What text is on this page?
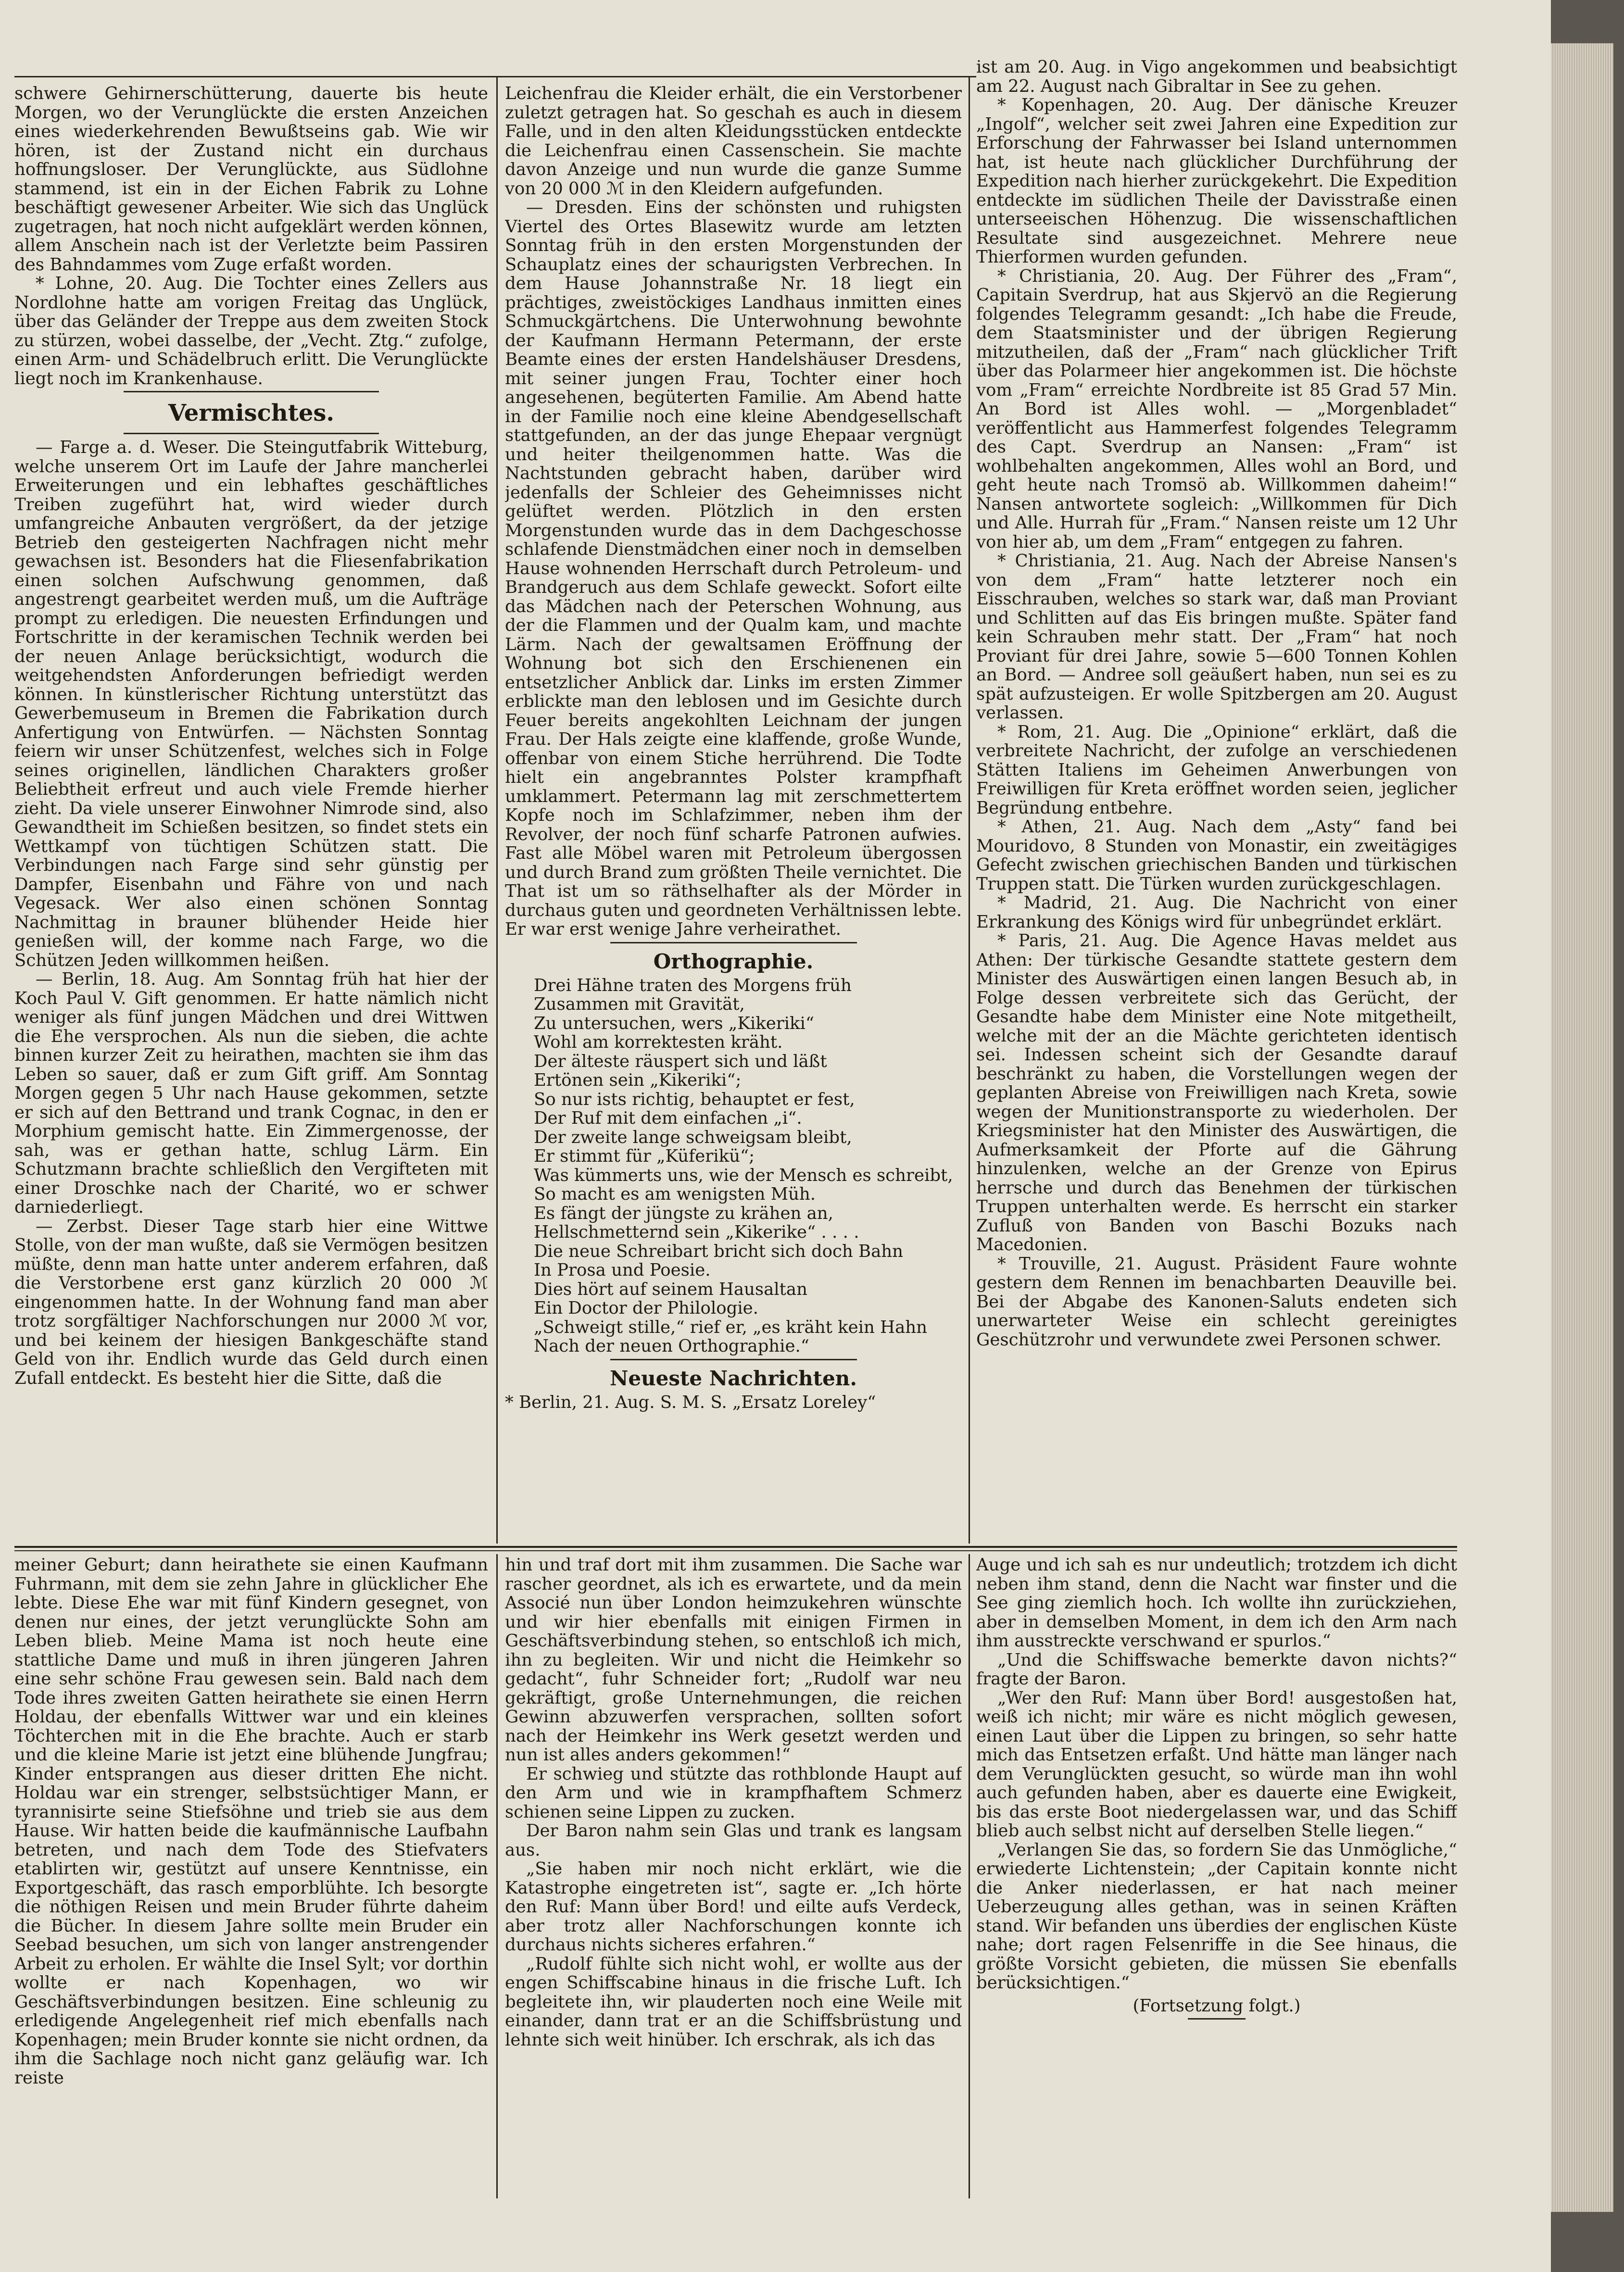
schwere Gehirnerschütterung, dauerte bis heute Morgen, wo der Verunglückte die ersten Anzeichen eines wiederkehrenden Bewußtseins gab. Wie wir hören, ist der Zustand nicht ein durchaus hoffnungsloser. Der Verunglückte, aus Südlohne stammend, ist ein in der Eichen Fabrik zu Lohne beschäftigt gewesener Arbeiter. Wie sich das Unglück zugetragen, hat noch nicht aufgeklärt werden können, allem Anschein nach ist der Verletzte beim Passiren des Bahndammes vom Zuge erfaßt worden.

* Lohne, 20. Aug. Die Tochter eines Zellers aus Nordlohne hatte am vorigen Freitag das Unglück, über das Geländer der Treppe aus dem zweiten Stock zu stürzen, wobei dasselbe, der „Vecht. Ztg.“ zufolge, einen Arm- und Schädelbruch erlitt. Die Verunglückte liegt noch im Krankenhause.

Vermischtes.

— Farge a. d. Weser. Die Steingutfabrik Witteburg, welche unserem Ort im Laufe der Jahre mancherlei Erweiterungen und ein lebhaftes geschäftliches Treiben zugeführt hat, wird wieder durch umfangreiche Anbauten vergrößert, da der jetzige Betrieb den gesteigerten Nachfragen nicht mehr gewachsen ist. Besonders hat die Fliesenfabrikation einen solchen Aufschwung genommen, daß angestrengt gearbeitet werden muß, um die Aufträge prompt zu erledigen. Die neuesten Erfindungen und Fortschritte in der keramischen Technik werden bei der neuen Anlage berücksichtigt, wodurch die weitgehendsten Anforderungen befriedigt werden können. In künstlerischer Richtung unterstützt das Gewerbemuseum in Bremen die Fabrikation durch Anfertigung von Entwürfen. — Nächsten Sonntag feiern wir unser Schützenfest, welches sich in Folge seines originellen, ländlichen Charakters großer Beliebtheit erfreut und auch viele Fremde hierher zieht. Da viele unserer Einwohner Nimrode sind, also Gewandtheit im Schießen besitzen, so findet stets ein Wettkampf von tüchtigen Schützen statt. Die Verbindungen nach Farge sind sehr günstig per Dampfer, Eisenbahn und Fähre von und nach Vegesack. Wer also einen schönen Sonntag Nachmittag in brauner blühender Heide hier genießen will, der komme nach Farge, wo die Schützen Jeden willkommen heißen.

— Berlin, 18. Aug. Am Sonntag früh hat hier der Koch Paul V. Gift genommen. Er hatte nämlich nicht weniger als fünf jungen Mädchen und drei Wittwen die Ehe versprochen. Als nun die sieben, die achte binnen kurzer Zeit zu heirathen, machten sie ihm das Leben so sauer, daß er zum Gift griff. Am Sonntag Morgen gegen 5 Uhr nach Hause gekommen, setzte er sich auf den Bettrand und trank Cognac, in den er Morphium gemischt hatte. Ein Zimmergenosse, der sah, was er gethan hatte, schlug Lärm. Ein Schutzmann brachte schließlich den Vergifteten mit einer Droschke nach der Charité, wo er schwer darniederliegt.

— Zerbst. Dieser Tage starb hier eine Wittwe Stolle, von der man wußte, daß sie Vermögen besitzen müßte, denn man hatte unter anderem erfahren, daß die Verstorbene erst ganz kürzlich 20 000 ℳ eingenommen hatte. In der Wohnung fand man aber trotz sorgfältiger Nachforschungen nur 2000 ℳ vor, und bei keinem der hiesigen Bankgeschäfte stand Geld von ihr. Endlich wurde das Geld durch einen Zufall entdeckt. Es besteht hier die Sitte, daß die

Leichenfrau die Kleider erhält, die ein Verstorbener zuletzt getragen hat. So geschah es auch in diesem Falle, und in den alten Kleidungsstücken entdeckte die Leichenfrau einen Cassenschein. Sie machte davon Anzeige und nun wurde die ganze Summe von 20 000 ℳ in den Kleidern aufgefunden.

— Dresden. Eins der schönsten und ruhigsten Viertel des Ortes Blasewitz wurde am letzten Sonntag früh in den ersten Morgenstunden der Schauplatz eines der schaurigsten Verbrechen. In dem Hause Johannstraße Nr. 18 liegt ein prächtiges, zweistöckiges Landhaus inmitten eines Schmuckgärtchens. Die Unterwohnung bewohnte der Kaufmann Hermann Petermann, der erste Beamte eines der ersten Handelshäuser Dresdens, mit seiner jungen Frau, Tochter einer hoch angesehenen, begüterten Familie. Am Abend hatte in der Familie noch eine kleine Abendgesellschaft stattgefunden, an der das junge Ehepaar vergnügt und heiter theilgenommen hatte. Was die Nachtstunden gebracht haben, darüber wird jedenfalls der Schleier des Geheimnisses nicht gelüftet werden. Plötzlich in den ersten Morgenstunden wurde das in dem Dachgeschosse schlafende Dienstmädchen einer noch in demselben Hause wohnenden Herrschaft durch Petroleum- und Brandgeruch aus dem Schlafe geweckt. Sofort eilte das Mädchen nach der Peterschen Wohnung, aus der die Flammen und der Qualm kam, und machte Lärm. Nach der gewaltsamen Eröffnung der Wohnung bot sich den Erschienenen ein entsetzlicher Anblick dar. Links im ersten Zimmer erblickte man den leblosen und im Gesichte durch Feuer bereits angekohlten Leichnam der jungen Frau. Der Hals zeigte eine klaffende, große Wunde, offenbar von einem Stiche herrührend. Die Todte hielt ein angebranntes Polster krampfhaft umklammert. Petermann lag mit zerschmettertem Kopfe noch im Schlafzimmer, neben ihm der Revolver, der noch fünf scharfe Patronen aufwies. Fast alle Möbel waren mit Petroleum übergossen und durch Brand zum größten Theile vernichtet. Die That ist um so räthselhafter als der Mörder in durchaus guten und geordneten Verhältnissen lebte. Er war erst wenige Jahre verheirathet.

Orthographie.
Drei Hähne traten des Morgens früh
Zusammen mit Gravität,
Zu untersuchen, wers „Kikeriki“
Wohl am korrektesten kräht.
Der älteste räuspert sich und läßt
Ertönen sein „Kikeriki“;
So nur ists richtig, behauptet er fest,
Der Ruf mit dem einfachen „i“.
Der zweite lange schweigsam bleibt,
Er stimmt für „Küferikü“;
Was kümmerts uns, wie der Mensch es schreibt,
So macht es am wenigsten Müh.
Es fängt der jüngste zu krähen an,
Hellschmetternd sein „Kikerike“ . . . .
Die neue Schreibart bricht sich doch Bahn
In Prosa und Poesie.
Dies hört auf seinem Hausaltan
Ein Doctor der Philologie.
„Schweigt stille,“ rief er, „es kräht kein Hahn
Nach der neuen Orthographie.“
Neueste Nachrichten.

* Berlin, 21. Aug. S. M. S. „Ersatz Loreley“

ist am 20. Aug. in Vigo angekommen und beabsichtigt am 22. August nach Gibraltar in See zu gehen.

* Kopenhagen, 20. Aug. Der dänische Kreuzer „Ingolf“, welcher seit zwei Jahren eine Expedition zur Erforschung der Fahrwasser bei Island unternommen hat, ist heute nach glücklicher Durchführung der Expedition nach hierher zurückgekehrt. Die Expedition entdeckte im südlichen Theile der Davisstraße einen unterseeischen Höhenzug. Die wissenschaftlichen Resultate sind ausgezeichnet. Mehrere neue Thierformen wurden gefunden.

* Christiania, 20. Aug. Der Führer des „Fram“, Capitain Sverdrup, hat aus Skjervö an die Regierung folgendes Telegramm gesandt: „Ich habe die Freude, dem Staatsminister und der übrigen Regierung mitzutheilen, daß der „Fram“ nach glücklicher Trift über das Polarmeer hier angekommen ist. Die höchste vom „Fram“ erreichte Nordbreite ist 85 Grad 57 Min. An Bord ist Alles wohl. — „Morgenbladet“ veröffentlicht aus Hammerfest folgendes Telegramm des Capt. Sverdrup an Nansen: „Fram“ ist wohlbehalten angekommen, Alles wohl an Bord, und geht heute nach Tromsö ab. Willkommen daheim!“ Nansen antwortete sogleich: „Willkommen für Dich und Alle. Hurrah für „Fram.“ Nansen reiste um 12 Uhr von hier ab, um dem „Fram“ entgegen zu fahren.

* Christiania, 21. Aug. Nach der Abreise Nansen's von dem „Fram“ hatte letzterer noch ein Eisschrauben, welches so stark war, daß man Proviant und Schlitten auf das Eis bringen mußte. Später fand kein Schrauben mehr statt. Der „Fram“ hat noch Proviant für drei Jahre, sowie 5—600 Tonnen Kohlen an Bord. — Andree soll geäußert haben, nun sei es zu spät aufzusteigen. Er wolle Spitzbergen am 20. August verlassen.

* Rom, 21. Aug. Die „Opinione“ erklärt, daß die verbreitete Nachricht, der zufolge an verschiedenen Stätten Italiens im Geheimen Anwerbungen von Freiwilligen für Kreta eröffnet worden seien, jeglicher Begründung entbehre.

* Athen, 21. Aug. Nach dem „Asty“ fand bei Mouridovo, 8 Stunden von Monastir, ein zweitägiges Gefecht zwischen griechischen Banden und türkischen Truppen statt. Die Türken wurden zurückgeschlagen.

* Madrid, 21. Aug. Die Nachricht von einer Erkrankung des Königs wird für unbegründet erklärt.

* Paris, 21. Aug. Die Agence Havas meldet aus Athen: Der türkische Gesandte stattete gestern dem Minister des Auswärtigen einen langen Besuch ab, in Folge dessen verbreitete sich das Gerücht, der Gesandte habe dem Minister eine Note mitgetheilt, welche mit der an die Mächte gerichteten identisch sei. Indessen scheint sich der Gesandte darauf beschränkt zu haben, die Vorstellungen wegen der geplanten Abreise von Freiwilligen nach Kreta, sowie wegen der Munitionstransporte zu wiederholen. Der Kriegsminister hat den Minister des Auswärtigen, die Aufmerksamkeit der Pforte auf die Gährung hinzulenken, welche an der Grenze von Epirus herrsche und durch das Benehmen der türkischen Truppen unterhalten werde. Es herrscht ein starker Zufluß von Banden von Baschi Bozuks nach Macedonien.

* Trouville, 21. August. Präsident Faure wohnte gestern dem Rennen im benachbarten Deauville bei. Bei der Abgabe des Kanonen-Saluts endeten sich unerwarteter Weise ein schlecht gereinigtes Geschützrohr und verwundete zwei Personen schwer.

meiner Geburt; dann heirathete sie einen Kaufmann Fuhrmann, mit dem sie zehn Jahre in glücklicher Ehe lebte. Diese Ehe war mit fünf Kindern gesegnet, von denen nur eines, der jetzt verunglückte Sohn am Leben blieb. Meine Mama ist noch heute eine stattliche Dame und muß in ihren jüngeren Jahren eine sehr schöne Frau gewesen sein. Bald nach dem Tode ihres zweiten Gatten heirathete sie einen Herrn Holdau, der ebenfalls Wittwer war und ein kleines Töchterchen mit in die Ehe brachte. Auch er starb und die kleine Marie ist jetzt eine blühende Jungfrau; Kinder entsprangen aus dieser dritten Ehe nicht. Holdau war ein strenger, selbstsüchtiger Mann, er tyrannisirte seine Stiefsöhne und trieb sie aus dem Hause. Wir hatten beide die kaufmännische Laufbahn betreten, und nach dem Tode des Stiefvaters etablirten wir, gestützt auf unsere Kenntnisse, ein Exportgeschäft, das rasch emporblühte. Ich besorgte die nöthigen Reisen und mein Bruder führte daheim die Bücher. In diesem Jahre sollte mein Bruder ein Seebad besuchen, um sich von langer anstrengender Arbeit zu erholen. Er wählte die Insel Sylt; vor dorthin wollte er nach Kopenhagen, wo wir Geschäftsverbindungen besitzen. Eine schleunig zu erledigende Angelegenheit rief mich ebenfalls nach Kopenhagen; mein Bruder konnte sie nicht ordnen, da ihm die Sachlage noch nicht ganz geläufig war. Ich reiste

hin und traf dort mit ihm zusammen. Die Sache war rascher geordnet, als ich es erwartete, und da mein Associé nun über London heimzukehren wünschte und wir hier ebenfalls mit einigen Firmen in Geschäftsverbindung stehen, so entschloß ich mich, ihn zu begleiten. Wir und nicht die Heimkehr so gedacht“, fuhr Schneider fort; „Rudolf war neu gekräftigt, große Unternehmungen, die reichen Gewinn abzuwerfen versprachen, sollten sofort nach der Heimkehr ins Werk gesetzt werden und nun ist alles anders gekommen!“

Er schwieg und stützte das rothblonde Haupt auf den Arm und wie in krampfhaftem Schmerz schienen seine Lippen zu zucken.

Der Baron nahm sein Glas und trank es langsam aus.

„Sie haben mir noch nicht erklärt, wie die Katastrophe eingetreten ist“, sagte er. „Ich hörte den Ruf: Mann über Bord! und eilte aufs Verdeck, aber trotz aller Nachforschungen konnte ich durchaus nichts sicheres erfahren.“

„Rudolf fühlte sich nicht wohl, er wollte aus der engen Schiffscabine hinaus in die frische Luft. Ich begleitete ihn, wir plauderten noch eine Weile mit einander, dann trat er an die Schiffsbrüstung und lehnte sich weit hinüber. Ich erschrak, als ich das

Auge und ich sah es nur undeutlich; trotzdem ich dicht neben ihm stand, denn die Nacht war finster und die See ging ziemlich hoch. Ich wollte ihn zurückziehen, aber in demselben Moment, in dem ich den Arm nach ihm ausstreckte verschwand er spurlos.“

„Und die Schiffswache bemerkte davon nichts?“ fragte der Baron.

„Wer den Ruf: Mann über Bord! ausgestoßen hat, weiß ich nicht; mir wäre es nicht möglich gewesen, einen Laut über die Lippen zu bringen, so sehr hatte mich das Entsetzen erfaßt. Und hätte man länger nach dem Verunglückten gesucht, so würde man ihn wohl auch gefunden haben, aber es dauerte eine Ewigkeit, bis das erste Boot niedergelassen war, und das Schiff blieb auch selbst nicht auf derselben Stelle liegen.“

„Verlangen Sie das, so fordern Sie das Unmögliche,“ erwiederte Lichtenstein; „der Capitain konnte nicht die Anker niederlassen, er hat nach meiner Ueberzeugung alles gethan, was in seinen Kräften stand. Wir befanden uns überdies der englischen Küste nahe; dort ragen Felsenriffe in die See hinaus, die größte Vorsicht gebieten, die müssen Sie ebenfalls berücksichtigen.“

(Fortsetzung folgt.)
